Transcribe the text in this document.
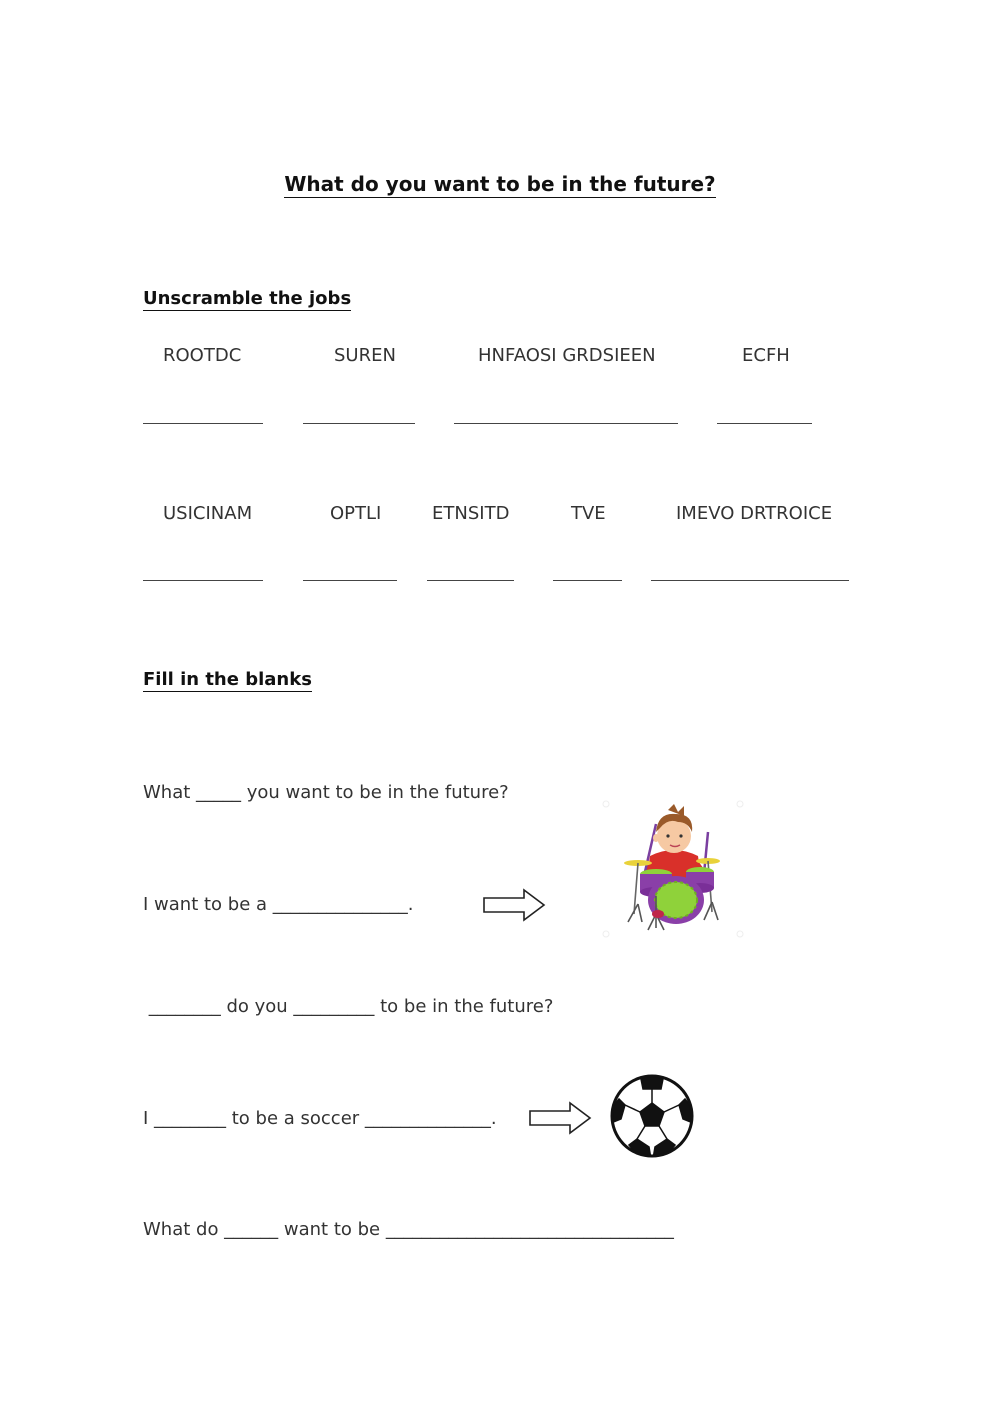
What do you want to be in the future?
Unscramble the jobs
ROOTDC	SUREN	HNFAOSI GRDSIEEN	ECFH
USICINAM	OPTLI	ETNSITD	TVE	IMEVO DRTROICE
Fill in the blanks
What _____ you want to be in the future?
I want to be a _______________.
________ do you _________ to be in the future?
I ________ to be a soccer ______________.
What do ______ want to be ________________________________
